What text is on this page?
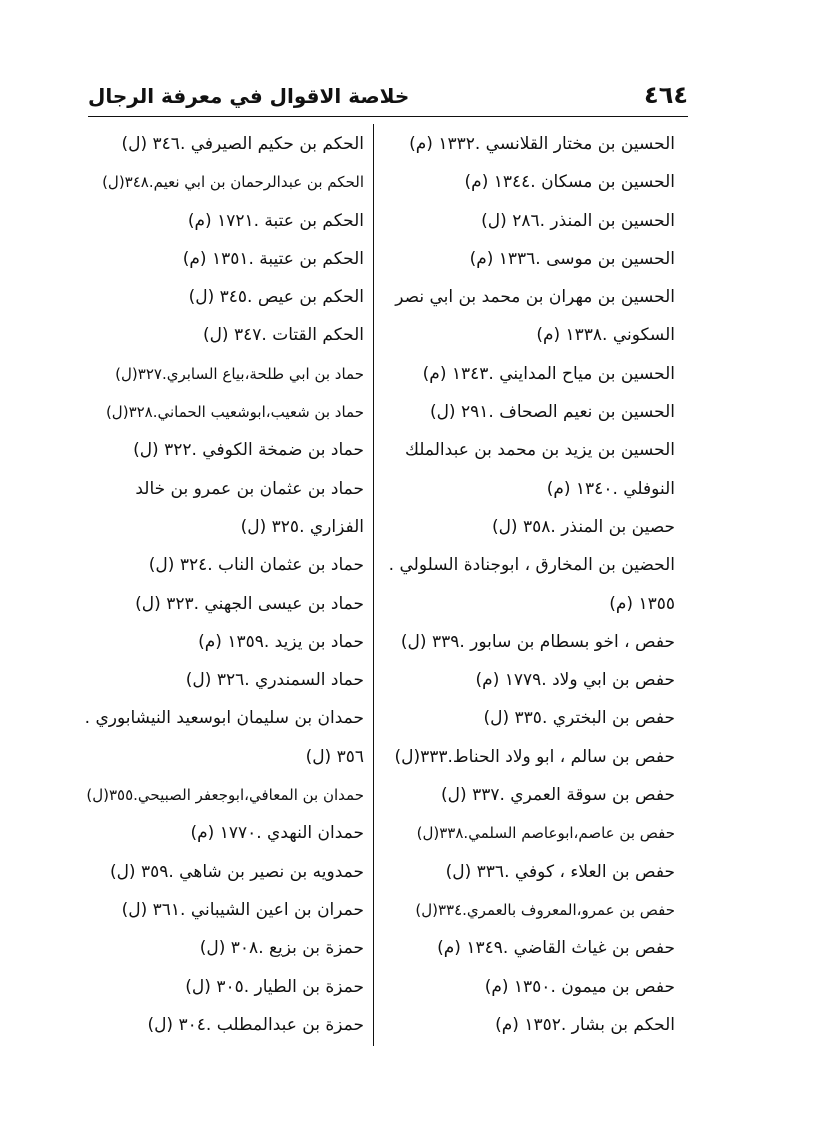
٤٦٤
خلاصة الاقوال في معرفة الرجال
الحسين بن مختار القلانسي .١٣٣٢ (م)
الحسين بن مسكان .١٣٤٤ (م)
الحسين بن المنذر .٢٨٦ (ل)
الحسين بن موسى .١٣٣٦ (م)
الحسين بن مهران بن محمد بن ابي نصر
السكوني .١٣٣٨ (م)
الحسين بن مياح المدايني .١٣٤٣ (م)
الحسين بن نعيم الصحاف .٢٩١ (ل)
الحسين بن يزيد بن محمد بن عبدالملك
النوفلي .١٣٤٠ (م)
حصين بن المنذر .٣٥٨ (ل)
الحضين بن المخارق ، ابوجنادة السلولي .
١٣٥٥ (م)
حفص ، اخو بسطام بن سابور .٣٣٩ (ل)
حفص بن ابي ولاد .١٧٧٩ (م)
حفص بن البختري .٣٣٥ (ل)
حفص بن سالم ، ابو ولاد الحناط.٣٣٣(ل)
حفص بن سوقة العمري .٣٣٧ (ل)
حفص بن عاصم،ابوعاصم السلمي.٣٣٨(ل)
حفص بن العلاء ، كوفي .٣٣٦ (ل)
حفص بن عمرو،المعروف بالعمري.٣٣٤(ل)
حفص بن غياث القاضي .١٣٤٩ (م)
حفص بن ميمون .١٣٥٠ (م)
الحكم بن بشار .١٣٥٢ (م)
الحكم بن حكيم الصيرفي .٣٤٦ (ل)
الحكم بن عبدالرحمان بن ابي نعيم.٣٤٨(ل)
الحكم بن عتبة .١٧٢١ (م)
الحكم بن عتيبة .١٣٥١ (م)
الحكم بن عيص .٣٤٥ (ل)
الحكم القتات .٣٤٧ (ل)
حماد بن ابي طلحة،بياع السابري.٣٢٧(ل)
حماد بن شعيب،ابوشعيب الحماني.٣٢٨(ل)
حماد بن ضمخة الكوفي .٣٢٢ (ل)
حماد بن عثمان بن عمرو بن خالد
الفزاري .٣٢٥ (ل)
حماد بن عثمان الناب .٣٢٤ (ل)
حماد بن عيسى الجهني .٣٢٣ (ل)
حماد بن يزيد .١٣٥٩ (م)
حماد السمندري .٣٢٦ (ل)
حمدان بن سليمان ابوسعيد النيشابوري .
٣٥٦ (ل)
حمدان بن المعافي،ابوجعفر الصبيحي.٣٥٥(ل)
حمدان النهدي .١٧٧٠ (م)
حمدويه بن نصير بن شاهي .٣٥٩ (ل)
حمران بن اعين الشيباني .٣٦١ (ل)
حمزة بن بزيع .٣٠٨ (ل)
حمزة بن الطيار .٣٠٥ (ل)
حمزة بن عبدالمطلب .٣٠٤ (ل)
